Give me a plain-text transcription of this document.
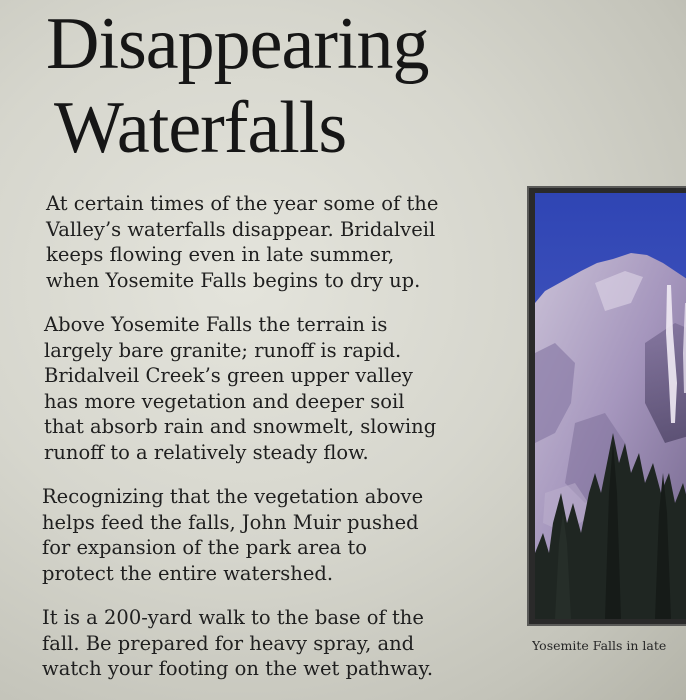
Disappearing
Waterfalls

At certain times of the year some of the
Valley’s waterfalls disappear. Bridalveil
keeps flowing even in late summer,
when Yosemite Falls begins to dry up.

Above Yosemite Falls the terrain is
largely bare granite; runoff is rapid.
Bridalveil Creek’s green upper valley
has more vegetation and deeper soil
that absorb rain and snowmelt, slowing
runoff to a relatively steady flow.

Recognizing that the vegetation above
helps feed the falls, John Muir pushed
for expansion of the park area to
protect the entire watershed.

It is a 200-yard walk to the base of the
fall. Be prepared for heavy spray, and
watch your footing on the wet pathway.

Yosemite Falls in late
